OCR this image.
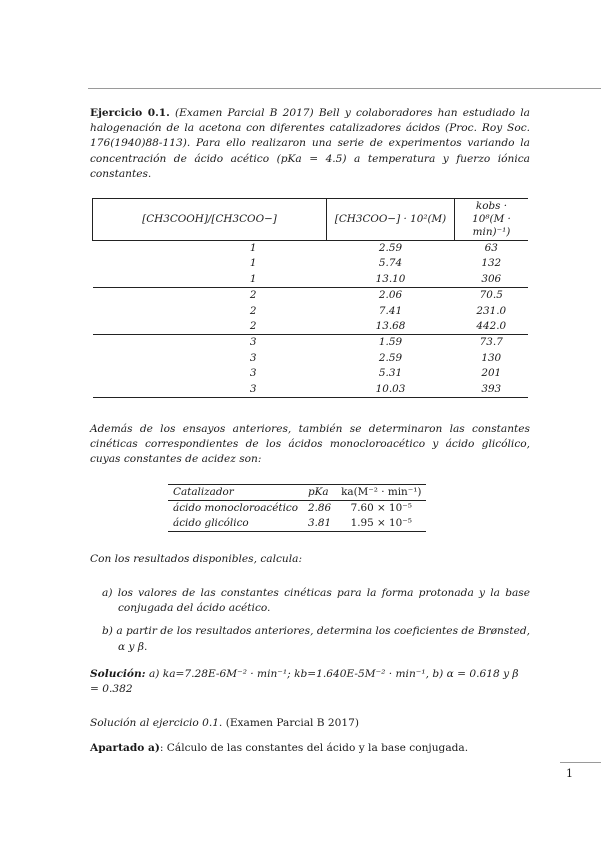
Ejercicio 0.1. (Examen Parcial B 2017) Bell y colaboradores han estudiado la halogenación de la acetona con diferentes catalizadores ácidos (Proc. Roy Soc. 176(1940)88-113). Para ello realizaron una serie de experimentos variando la concentración de ácido acético (pKa = 4.5) a temperatura y fuerzo iónica constantes.

[CH3COOH]/[CH3COO−]	[CH3COO−] · 10²(M)	kobs · 10⁸(M · min)⁻¹)
1	2.59	63
1	5.74	132
1	13.10	306
2	2.06	70.5
2	7.41	231.0
2	13.68	442.0
3	1.59	73.7
3	2.59	130
3	5.31	201
3	10.03	393

Además de los ensayos anteriores, también se determinaron las constantes cinéticas correspondientes de los ácidos monocloroacético y ácido glicólico, cuyas constantes de acidez son:

Catalizador	pKa	ka(M⁻² · min⁻¹)
ácido monocloroacético	2.86	7.60 × 10⁻⁵
ácido glicólico	3.81	1.95 × 10⁻⁵

Con los resultados disponibles, calcula:

a) los valores de las constantes cinéticas para la forma protonada y la base conjugada del ácido acético.
b) a partir de los resultados anteriores, determina los coeficientes de Brønsted, α y β.

Solución: a) ka=7.28E-6M⁻² · min⁻¹; kb=1.640E-5M⁻² · min⁻¹, b) α = 0.618 y β = 0.382

Solución al ejercicio 0.1. (Examen Parcial B 2017)

Apartado a): Cálculo de las constantes del ácido y la base conjugada.

1
